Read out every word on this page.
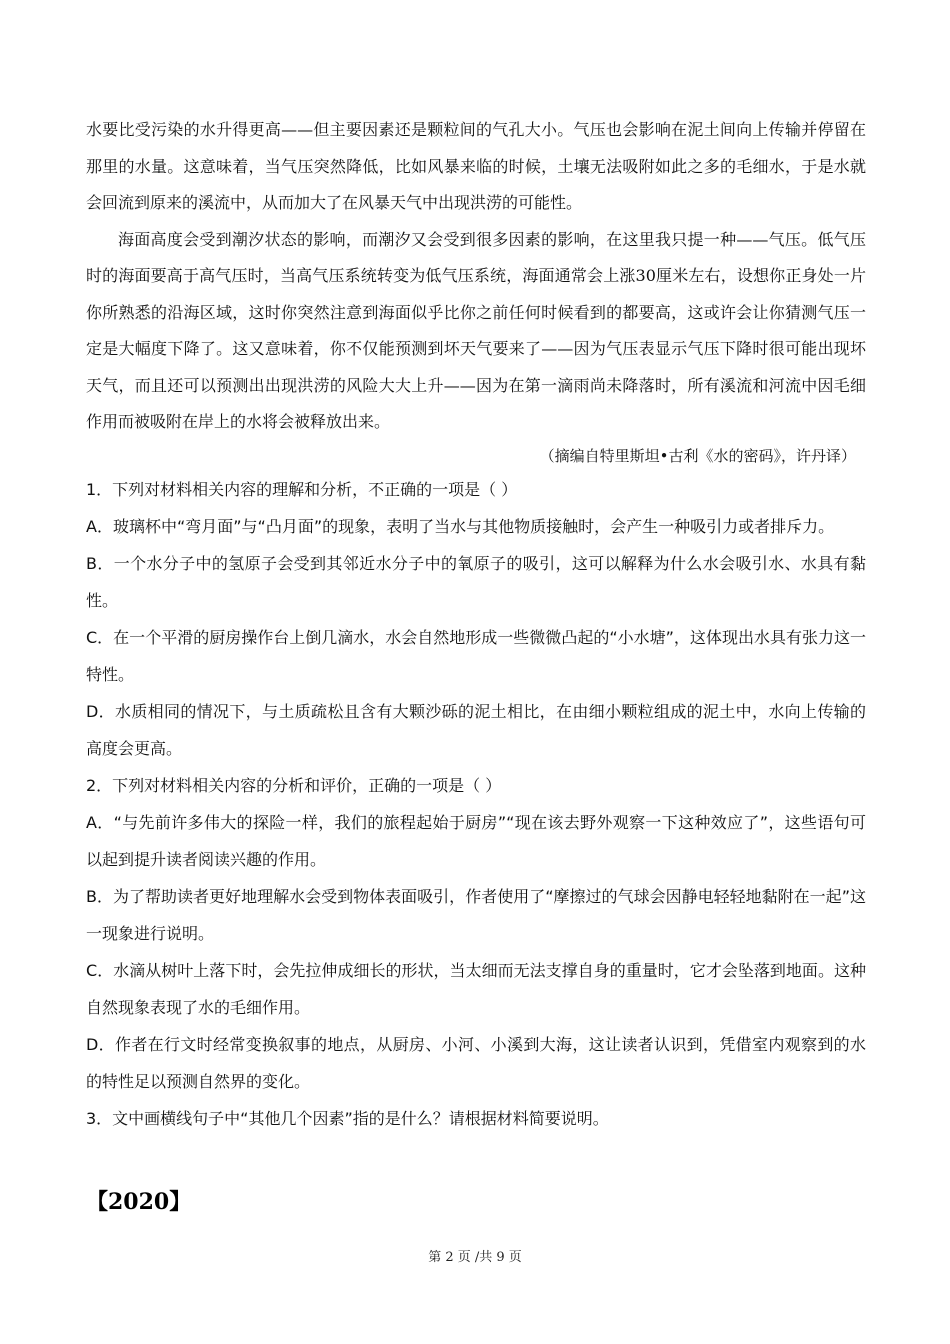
水要比受污染的水升得更高——但主要因素还是颗粒间的气孔大小。气压也会影响在泥土间向上传输并停留在那里的水量。这意味着，当气压突然降低，比如风暴来临的时候，土壤无法吸附如此之多的毛细水，于是水就会回流到原来的溪流中，从而加大了在风暴天气中出现洪涝的可能性。

海面高度会受到潮汐状态的影响，而潮汐又会受到很多因素的影响，在这里我只提一种——气压。低气压时的海面要高于高气压时，当高气压系统转变为低气压系统，海面通常会上涨30厘米左右，设想你正身处一片你所熟悉的沿海区域，这时你突然注意到海面似乎比你之前任何时候看到的都要高，这或许会让你猜测气压一定是大幅度下降了。这又意味着，你不仅能预测到坏天气要来了——因为气压表显示气压下降时很可能出现坏天气，而且还可以预测出出现洪涝的风险大大上升——因为在第一滴雨尚未降落时，所有溪流和河流中因毛细作用而被吸附在岸上的水将会被释放出来。

（摘编自特里斯坦•古利《水的密码》，许丹译）

1．下列对材料相关内容的理解和分析，不正确的一项是（ ）

A．玻璃杯中“弯月面”与“凸月面”的现象，表明了当水与其他物质接触时，会产生一种吸引力或者排斥力。

B．一个水分子中的氢原子会受到其邻近水分子中的氧原子的吸引，这可以解释为什么水会吸引水、水具有黏性。

C．在一个平滑的厨房操作台上倒几滴水，水会自然地形成一些微微凸起的“小水塘”，这体现出水具有张力这一特性。

D．水质相同的情况下，与土质疏松且含有大颗沙砾的泥土相比，在由细小颗粒组成的泥土中，水向上传输的高度会更高。

2．下列对材料相关内容的分析和评价，正确的一项是（ ）

A．“与先前许多伟大的探险一样，我们的旅程起始于厨房”“现在该去野外观察一下这种效应了”，这些语句可以起到提升读者阅读兴趣的作用。

B．为了帮助读者更好地理解水会受到物体表面吸引，作者使用了“摩擦过的气球会因静电轻轻地黏附在一起”这一现象进行说明。

C．水滴从树叶上落下时，会先拉伸成细长的形状，当太细而无法支撑自身的重量时，它才会坠落到地面。这种自然现象表现了水的毛细作用。

D．作者在行文时经常变换叙事的地点，从厨房、小河、小溪到大海，这让读者认识到，凭借室内观察到的水的特性足以预测自然界的变化。

3．文中画横线句子中“其他几个因素”指的是什么？请根据材料简要说明。

【2020】
第 2 页 /共 9 页
